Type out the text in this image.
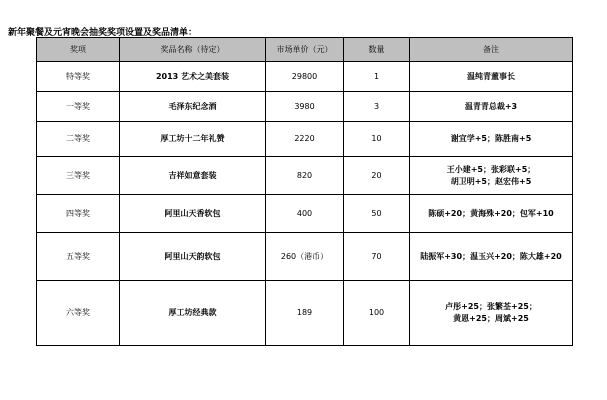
新年聚餐及元宵晚会抽奖奖项设置及奖品清单：
奖项	奖品名称（待定）	市场单价（元）	数量	备注
特等奖	2013 艺术之美套装	29800	1	温纯青董事长

一等奖	毛泽东纪念酒	3980	3	温青青总裁+3

二等奖	厚工坊十二年礼赞	2220	10	谢宜学+5；陈胜南+5

三等奖	吉祥如意套装	820	20	王小建+5；张彩联+5；
胡卫明+5；赵宏伟+5

四等奖	阿里山天香软包	400	50	陈硕+20；黄海殊+20；包军+10

五等奖	阿里山天韵软包	260（港币）	70	陆振军+30；温玉兴+20；陈大雄+20

六等奖	厚工坊经典款	189	100	卢彤+25；张繁荃+25；
黄恩+25；周斌+25
